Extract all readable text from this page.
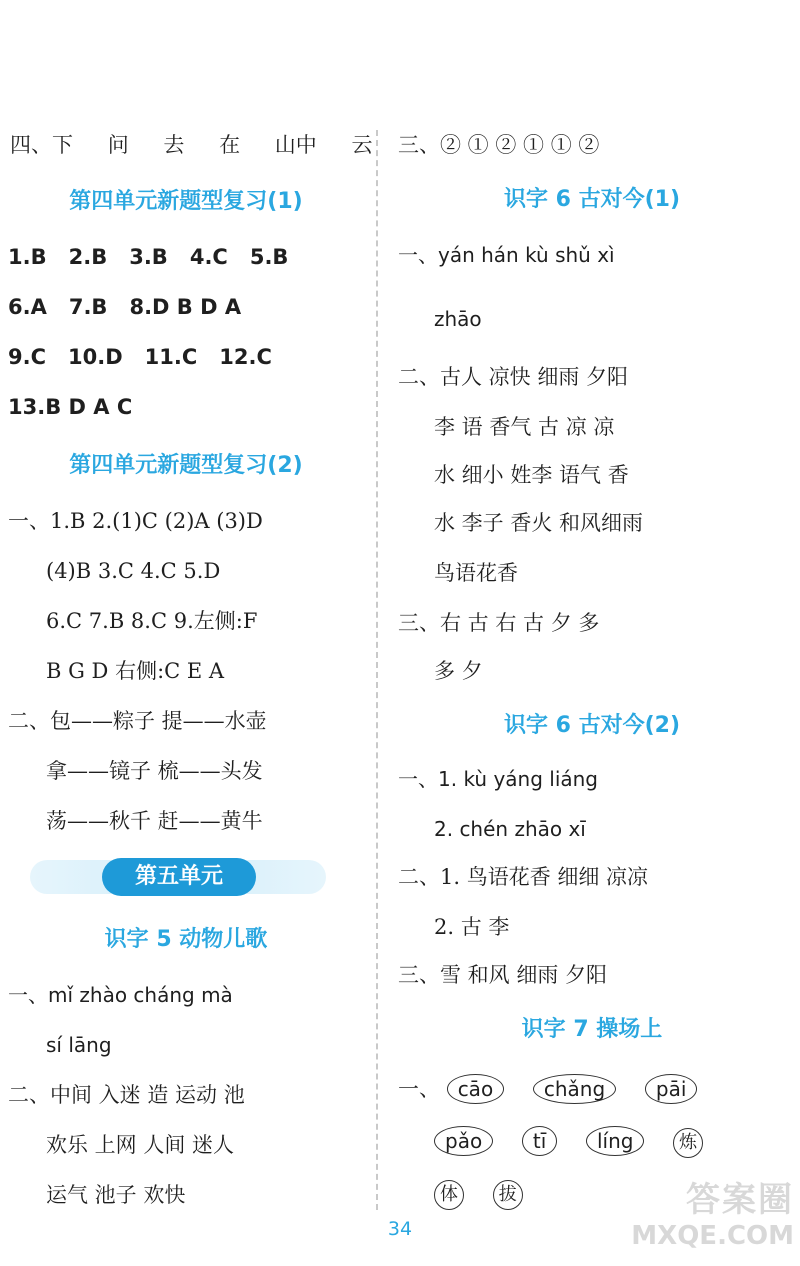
四、下 问 去 在 山中 云
第四单元新题型复习(1)
1.B 2.B 3.B 4.C 5.B
6.A 7.B 8.D B D A
9.C 10.D 11.C 12.C
13.B D A C
第四单元新题型复习(2)
一、1.B 2.(1)C (2)A (3)D
(4)B 3.C 4.C 5.D
6.C 7.B 8.C 9.左侧:F
B G D 右侧:C E A
二、包——粽子 提——水壶
拿——镜子 梳——头发
荡——秋千 赶——黄牛
第五单元
识字 5 动物儿歌
一、mǐ zhào cháng mà
sí lāng
二、中间 入迷 造 运动 池
欢乐 上网 人间 迷人
运气 池子 欢快
三、② ① ② ① ① ②
识字 6 古对今(1)
一、yán hán kù shǔ xì
zhāo
二、古人 凉快 细雨 夕阳
李 语 香气 古 凉 凉
水 细小 姓李 语气 香
水 李子 香火 和风细雨
鸟语花香
三、右 古 右 古 夕 多
多 夕
识字 6 古对今(2)
一、1. kù yáng liáng
2. chén zhāo xī
二、1. 鸟语花香 细细 凉凉
2. 古 李
三、雪 和风 细雨 夕阳
识字 7 操场上
一、 cāo	chǎng	pāi
pǎo	tī	líng	炼
体 拔
34
答案圈
MXQE.COM
